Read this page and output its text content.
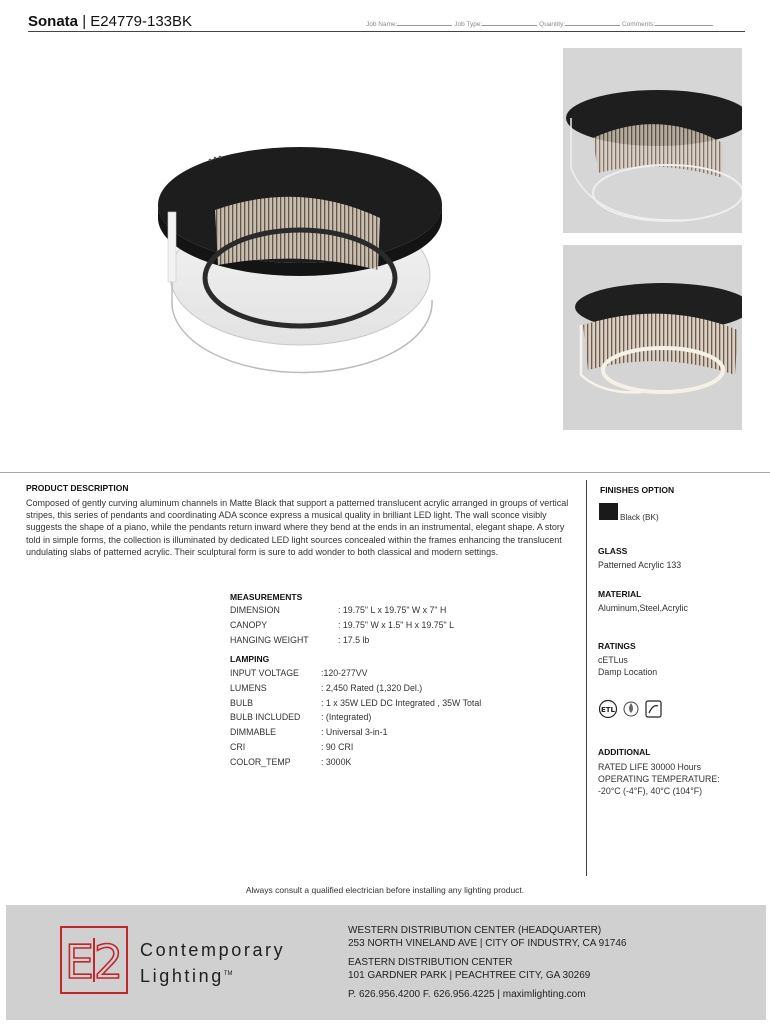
Sonata | E24779-133BK	Job Name:	Job Type:	Quantity:	Comments:
PRODUCT DESCRIPTION
Composed of gently curving aluminum channels in Matte Black that support a patterned translucent acrylic arranged in groups of vertical stripes, this series of pendants and coordinating ADA sconce express a musical quality in brilliant LED light. The wall sconce visibly suggests the shape of a piano, while the pendants return inward where they bend at the ends in an instrumental, elegant shape. A story told in simple forms, the collection is illuminated by dedicated LED light sources concealed within the frames enhancing the translucent undulating slabs of patterned acrylic. Their sculptural form is sure to add wonder to both classical and modern settings.
MEASUREMENTS
DIMENSION	: 19.75" L x 19.75" W x 7" H
CANOPY	: 19.75" W x 1.5" H x 19.75" L
HANGING WEIGHT	: 17.5 lb
LAMPING
INPUT VOLTAGE	:120-277VV
LUMENS	: 2,450 Rated (1,320 Del.)
BULB	: 1 x 35W LED DC Integrated , 35W Total
BULB INCLUDED : (Integrated)
DIMMABLE	: Universal 3-in-1
CRI	: 90 CRI
COLOR_TEMP	: 3000K
FINISHES OPTION
Black (BK)
GLASS
Patterned Acrylic 133
MATERIAL
Aluminum,Steel,Acrylic
RATINGS
cETLus
Damp Location
ETL
ADDITIONAL
RATED LIFE 30000 Hours
OPERATING TEMPERATURE:
-20°C (-4°F), 40°C (104°F)
Always consult a qualified electrician before installing any lighting product.
E2 Contemporary
Lighting™
WESTERN DISTRIBUTION CENTER (HEADQUARTER)
253 NORTH VINELAND AVE | CITY OF INDUSTRY, CA 91746
EASTERN DISTRIBUTION CENTER
101 GARDNER PARK | PEACHTREE CITY, GA 30269
P. 626.956.4200 F. 626.956.4225 | maximlighting.com
